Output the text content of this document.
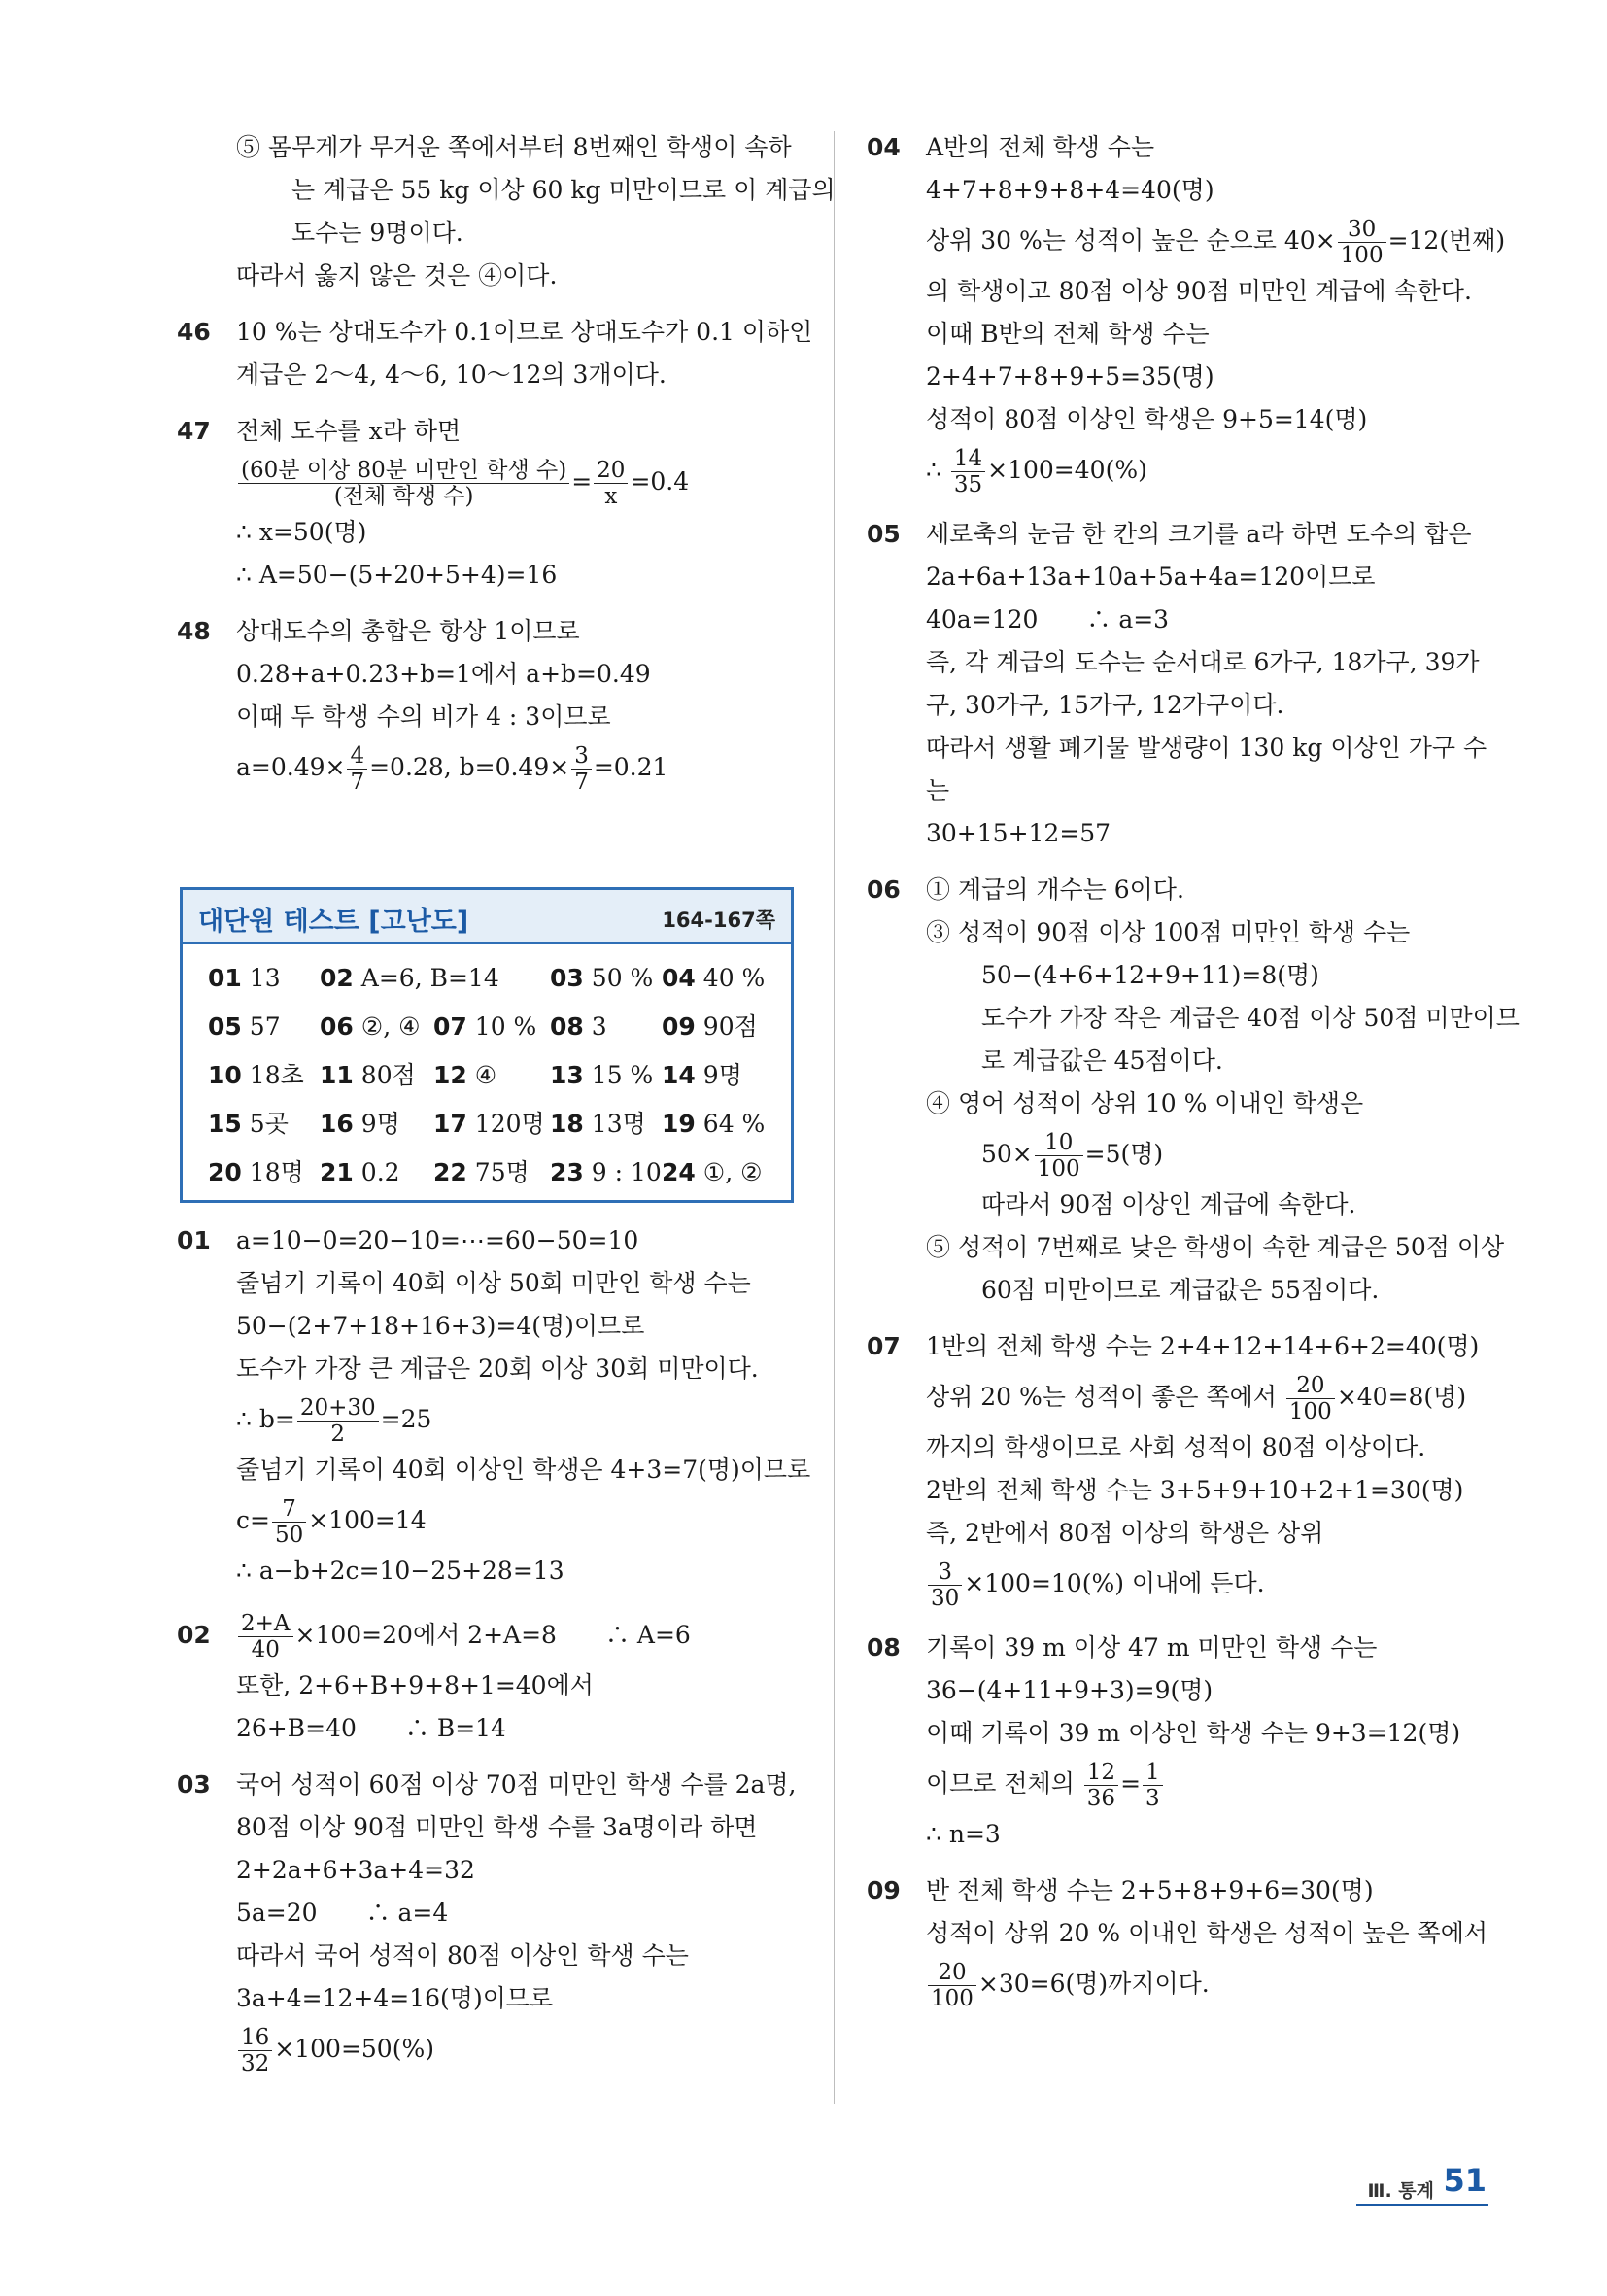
⑤ 몸무게가 무거운 쪽에서부터 8번째인 학생이 속하
는 계급은 55 kg 이상 60 kg 미만이므로 이 계급의
도수는 9명이다.
따라서 옳지 않은 것은 ④이다.
46	10 %는 상대도수가 0.1이므로 상대도수가 0.1 이하인
계급은 2～4, 4～6, 10～12의 3개이다.
47	전체 도수를 x라 하면
$\frac{\text{(60분 이상 80분 미만인 학생 수)}}{\text{(전체 학생 수)}} = \frac{20}{x} =0.4$
∴ x=50(명)
∴ A=50−(5+20+5+4)=16
48	상대도수의 총합은 항상 1이므로
0.28+a+0.23+b=1에서 a+b=0.49
이때 두 학생 수의 비가 4 : 3이므로
$a=0.49\times \frac{4}{7} =0.28$, $b=0.49\times \frac{3}{7} =0.21$
대단원 테스트 [고난도]	164-167쪽
01 13 02 A=6, B=14 03 50 % 04 40 %
05 57 06 ②, ④ 07 10 % 08 3 09 90점
10 18초 11 80점 12 ④ 13 15 % 14 9명
15 5곳 16 9명 17 120명 18 13명 19 64 %
20 18명 21 0.2 22 75명 23 9 : 10 24 ①, ②
01	a=10−0=20−10=⋯=60−50=10
줄넘기 기록이 40회 이상 50회 미만인 학생 수는
50−(2+7+18+16+3)=4(명)이므로
도수가 가장 큰 계급은 20회 이상 30회 미만이다.
∴ $b= \frac{20+30}{2} =25$
줄넘기 기록이 40회 이상인 학생은 4+3=7(명)이므로
$c= \frac{7}{50} \times 100=14$
∴ a−b+2c=10−25+28=13
$02 \frac{2+A}{40} \times 100=20$에서 2+A=8　　∴ A=6
또한, 2+6+B+9+8+1=40에서
26+B=40　　∴ B=14
03	국어 성적이 60점 이상 70점 미만인 학생 수를 2a명,
80점 이상 90점 미만인 학생 수를 3a명이라 하면
2+2a+6+3a+4=32
5a=20　　∴ a=4
따라서 국어 성적이 80점 이상인 학생 수는
3a+4=12+4=16(명)이므로
$\frac{16}{32} \times 100=50(\%)$
04	A반의 전체 학생 수는
4+7+8+9+8+4=40(명)
상위 30 %는 성적이 높은 순으로 $40\times \frac{30}{100} =12$(번째)
의 학생이고 80점 이상 90점 미만인 계급에 속한다.
이때 B반의 전체 학생 수는
2+4+7+8+9+5=35(명)
성적이 80점 이상인 학생은 9+5=14(명)
∴ $\frac{14}{35} \times 100=40(\%)$
05	세로축의 눈금 한 칸의 크기를 a라 하면 도수의 합은
2a+6a+13a+10a+5a+4a=120이므로
40a=120　　∴ a=3
즉, 각 계급의 도수는 순서대로 6가구, 18가구, 39가
구, 30가구, 15가구, 12가구이다.
따라서 생활 폐기물 발생량이 130 kg 이상인 가구 수
는
30+15+12=57
06	① 계급의 개수는 6이다.
③ 성적이 90점 이상 100점 미만인 학생 수는
50−(4+6+12+9+11)=8(명)
도수가 가장 작은 계급은 40점 이상 50점 미만이므
로 계급값은 45점이다.
④ 영어 성적이 상위 10 % 이내인 학생은
$50\times \frac{10}{100} =5$(명)
따라서 90점 이상인 계급에 속한다.
⑤ 성적이 7번째로 낮은 학생이 속한 계급은 50점 이상
60점 미만이므로 계급값은 55점이다.
07	1반의 전체 학생 수는 2+4+12+14+6+2=40(명)
상위 20 %는 성적이 좋은 쪽에서 $\frac{20}{100} \times 40=8$(명)
까지의 학생이므로 사회 성적이 80점 이상이다.
2반의 전체 학생 수는 3+5+9+10+2+1=30(명)
즉, 2반에서 80점 이상의 학생은 상위
$\frac{3}{30} \times 100=10(\%)$ 이내에 든다.
08	기록이 39 m 이상 47 m 미만인 학생 수는
36−(4+11+9+3)=9(명)
이때 기록이 39 m 이상인 학생 수는 9+3=12(명)
이므로 전체의 $\frac{12}{36} = \frac{1}{3}$
∴ n=3
09	반 전체 학생 수는 2+5+8+9+6=30(명)
성적이 상위 20 % 이내인 학생은 성적이 높은 쪽에서
$\frac{20}{100} \times 30=6$(명)까지이다.
Ⅲ. 통계 51
